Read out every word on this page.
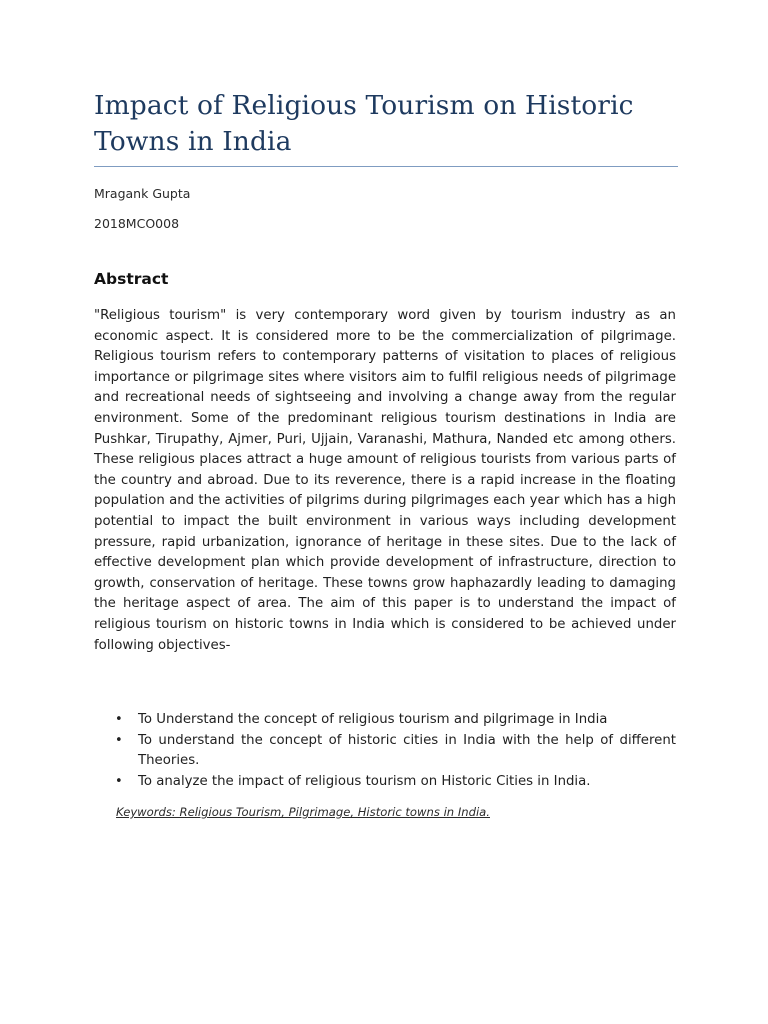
Impact of Religious Tourism on Historic Towns in India
Mragank Gupta
2018MCO008
Abstract

"Religious tourism" is very contemporary word given by tourism industry as an economic aspect. It is considered more to be the commercialization of pilgrimage. Religious tourism refers to contemporary patterns of visitation to places of religious importance or pilgrimage sites where visitors aim to fulfil religious needs of pilgrimage and recreational needs of sightseeing and involving a change away from the regular environment. Some of the predominant religious tourism destinations in India are Pushkar, Tirupathy, Ajmer, Puri, Ujjain, Varanashi, Mathura, Nanded etc among others. These religious places attract a huge amount of religious tourists from various parts of the country and abroad. Due to its reverence, there is a rapid increase in the floating population and the activities of pilgrims during pilgrimages each year which has a high potential to impact the built environment in various ways including development pressure, rapid urbanization, ignorance of heritage in these sites. Due to the lack of effective development plan which provide development of infrastructure, direction to growth, conservation of heritage. These towns grow haphazardly leading to damaging the heritage aspect of area. The aim of this paper is to understand the impact of religious tourism on historic towns in India which is considered to be achieved under following objectives-

• To Understand the concept of religious tourism and pilgrimage in India
• To understand the concept of historic cities in India with the help of different Theories.
• To analyze the impact of religious tourism on Historic Cities in India.

Keywords: Religious Tourism, Pilgrimage, Historic towns in India.
